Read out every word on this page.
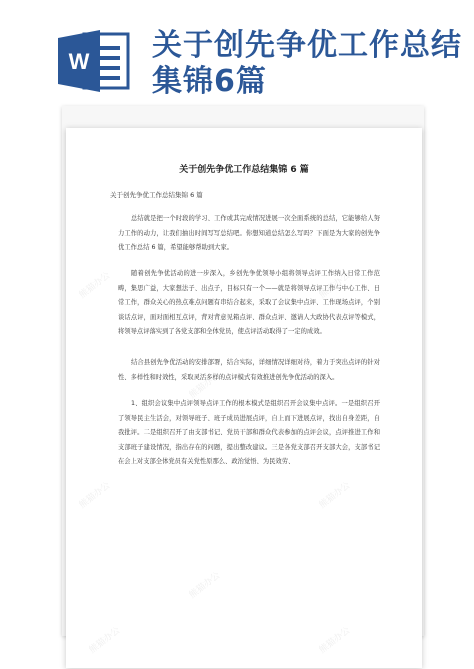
W 关于创先争优工作总结集锦6篇
关于创先争优工作总结集锦 6 篇
关于创先争优工作总结集锦 6 篇
总结就是把一个时段的学习、工作或其完成情况进展一次全面系统的总结，它能够给人努力工作的动力，让我们抽出时间写写总结吧。你想知道总结怎么写吗？下面是为大家的创先争优工作总结 6 篇，希望能够帮助到大家。
随着创先争优活动的进一步深入，乡创先争优领导小组将领导点评工作纳入日常工作范畴，集思广益，大家想法子、出点子，目标只有一个——就是将领导点评工作与中心工作、日常工作，群众关心的热点难点问题有串结合起来，采取了会议集中点评、工作现场点评，个别谈话点评，面对面相互点评，背对背意见箱点评、群众点评、邀请人大政协代表点评等模式，将领导点评落实到了各党支部和全体党员，使点评活动取得了一定的成效。
结合县创先争优活动的安排部署，结合实际，详细情况详细对待，着力于突出点评的针对性、多样性和时效性，采取灵活多样的点评模式有效推进创先争优活动的深入。
1、组织会议集中点评领导点评工作的根本模式是组织召开会议集中点评。一是组织召开了领导民主生活会，对领导班子、班子成员进展点评，自上而下进展点评，找出自身差距，自我批评。二是组织召开了由支部书记、党员干部和群众代表参加的点评会议，点评推进工作和支部班子建设情况，指出存在的问题，提出整改建议。三是各党支部召开支部大会，支部书记在会上对支部全体党员有关党性原那么、政治觉悟、为民效劳、
熊猫办公	熊猫办公
熊猫办公
熊猫办公	熊猫办公
熊猫办公
熊猫办公	熊猫办公
